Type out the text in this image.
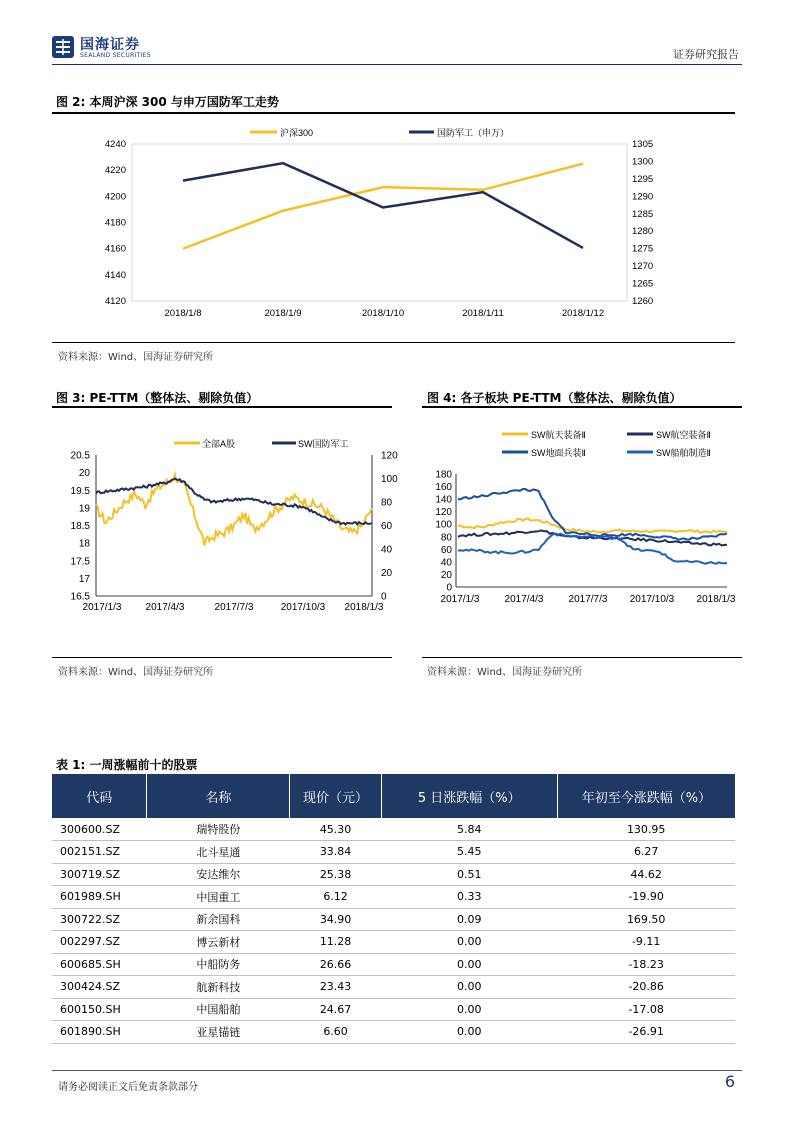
国海证券
SEALAND SECURITIES	证券研究报告
图 2: 本周沪深 300 与申万国防军工走势
4240
4220
4200
4180
4160
4140
4120
1305
1300
1295
1290
1285
1280
1275
1270
1265
1260
2018/1/8	2018/1/9	2018/1/10	2018/1/11	2018/1/12
沪深300	国防军工（申万）
资料来源：Wind、国海证券研究所
图 3: PE-TTM（整体法、剔除负值）
20.5
20
19.5
19
18.5
18
17.5
17
16.5
120
100
80
60
40
20
0
2017/1/3 2017/4/3	2017/7/3	2017/10/3 2018/1/3
全部A股	SW国防军工
图 4: 各子板块 PE-TTM（整体法、剔除负值）
180
160
140
120
100
80
60
40
20
0
2017/1/3	2017/4/3	2017/7/3 2017/10/3 2018/1/3
SW航天装备Ⅱ	SW航空装备Ⅱ
SW地面兵装Ⅱ	SW船舶制造Ⅱ
资料来源：Wind、国海证券研究所	资料来源：Wind、国海证券研究所
表 1: 一周涨幅前十的股票
代码	名称	现价（元）	5 日涨跌幅（%）	年初至今涨跌幅（%）
300600.SZ	瑞特股份	45.30	5.84	130.95
002151.SZ	北斗星通	33.84	5.45	6.27
300719.SZ	安达维尔	25.38	0.51	44.62
601989.SH	中国重工	6.12	0.33	-19.90
300722.SZ	新余国科	34.90	0.09	169.50
002297.SZ	博云新材	11.28	0.00	-9.11
600685.SH	中船防务	26.66	0.00	-18.23
300424.SZ	航新科技	23.43	0.00	-20.86
600150.SH	中国船舶	24.67	0.00	-17.08
601890.SH	亚星锚链	6.60	0.00	-26.91
请务必阅读正文后免责条款部分	6
